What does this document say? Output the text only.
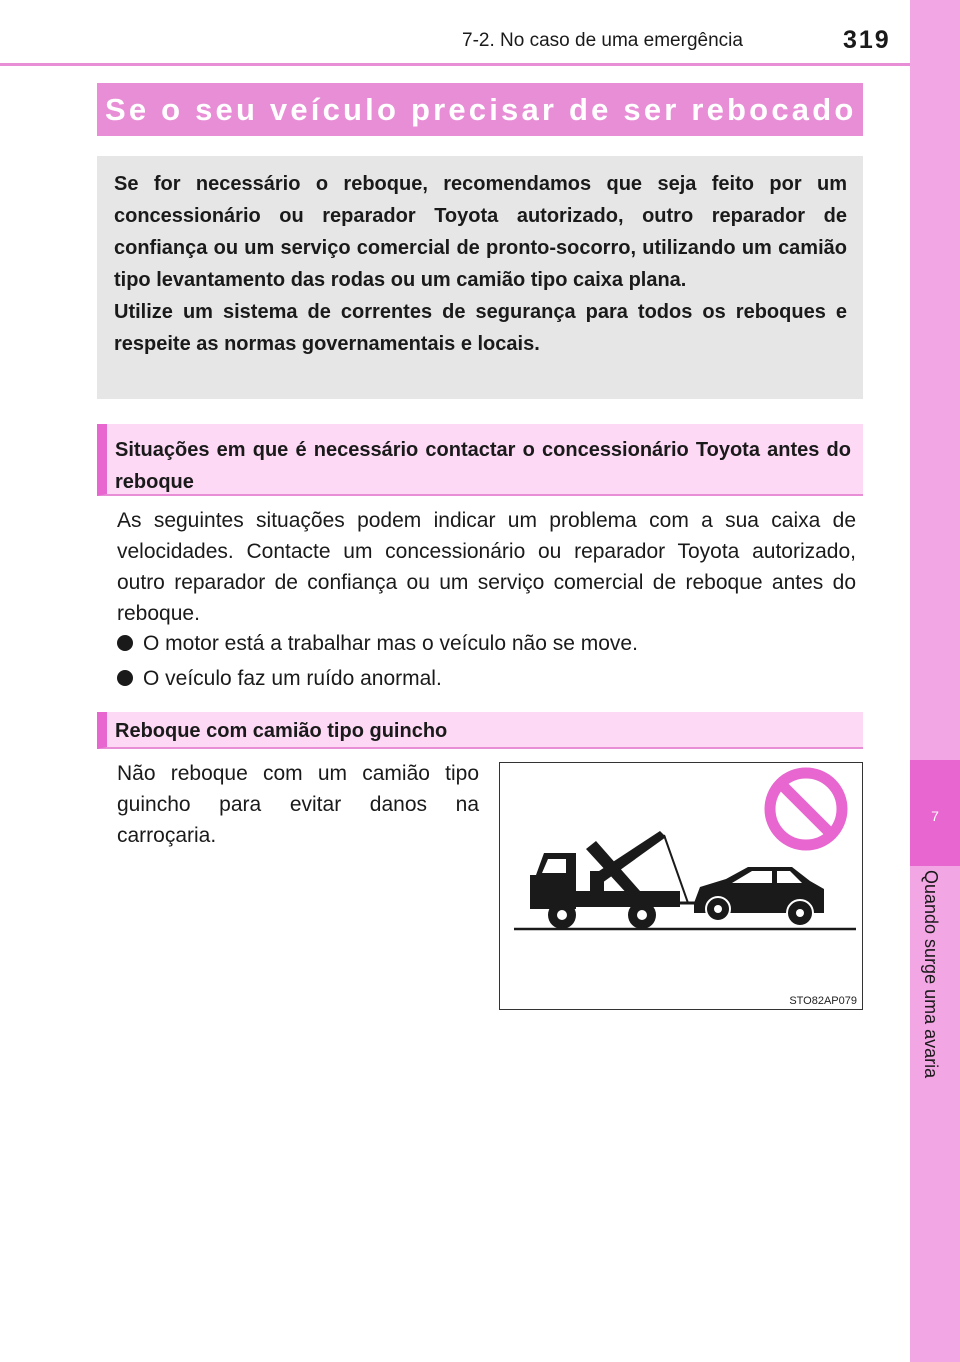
7-2. No caso de uma emergência	319
7
Quando surge uma avaria
Se o seu veículo precisar de ser rebocado

Se for necessário o reboque, recomendamos que seja feito por um concessionário ou reparador Toyota autorizado, outro reparador de confiança ou um serviço comercial de pronto-socorro, utilizando um camião tipo levantamento das rodas ou um camião tipo caixa plana.

Utilize um sistema de correntes de segurança para todos os reboques e respeite as normas governamentais e locais.

Situações em que é necessário contactar o concessionário Toyota antes do reboque

As seguintes situações podem indicar um problema com a sua caixa de velocidades. Contacte um concessionário ou reparador Toyota autorizado, outro reparador de confiança ou um serviço comercial de reboque antes do reboque.

O motor está a trabalhar mas o veículo não se move.
O veículo faz um ruído anormal.
Reboque com camião tipo guincho

Não reboque com um camião tipo guincho para evitar danos na carroçaria.

STO82AP079
